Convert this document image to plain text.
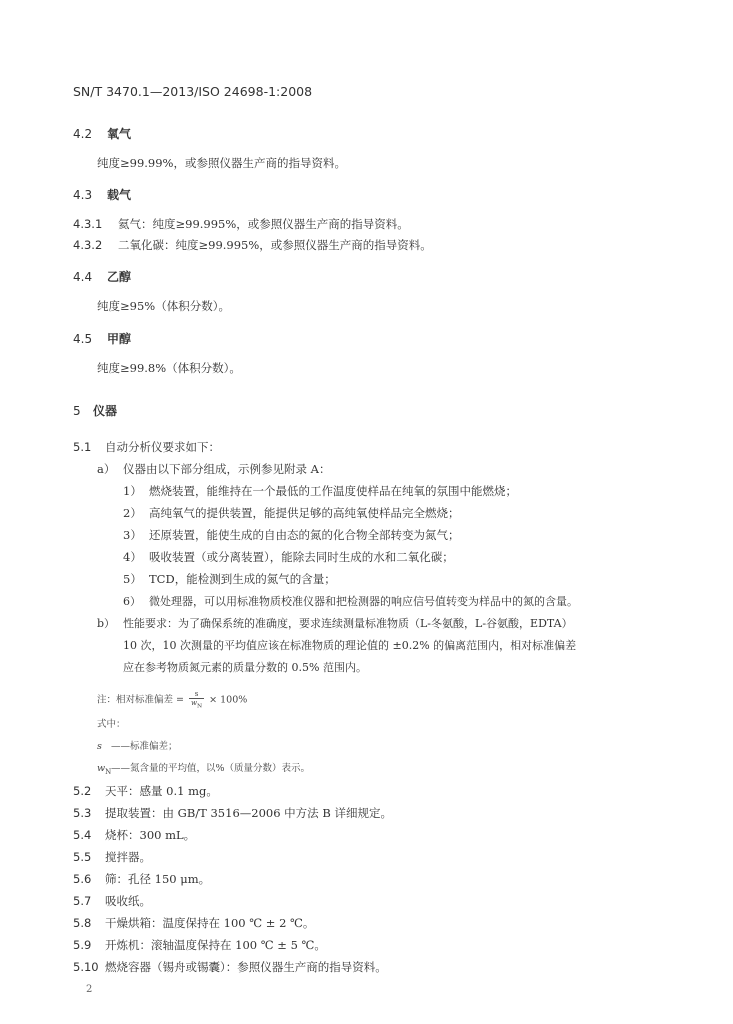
SN/T 3470.1—2013/ISO 24698-1:2008
4.2 氧气
纯度≥99.99%，或参照仪器生产商的指导资料。
4.3 载气
4.3.1 氦气：纯度≥99.995%，或参照仪器生产商的指导资料。
4.3.2 二氧化碳：纯度≥99.995%，或参照仪器生产商的指导资料。
4.4 乙醇
纯度≥95%（体积分数）。
4.5 甲醇
纯度≥99.8%（体积分数）。
5 仪器
5.1 自动分析仪要求如下：
a） 仪器由以下部分组成，示例参见附录 A：
1） 燃烧装置，能维持在一个最低的工作温度使样品在纯氧的氛围中能燃烧；
2） 高纯氧气的提供装置，能提供足够的高纯氧使样品完全燃烧；
3） 还原装置，能使生成的自由态的氮的化合物全部转变为氮气；
4） 吸收装置（或分离装置），能除去同时生成的水和二氧化碳；
5） TCD，能检测到生成的氮气的含量；
6） 微处理器，可以用标准物质校准仪器和把检测器的响应信号值转变为样品中的氮的含量。
b） 性能要求：为了确保系统的准确度，要求连续测量标准物质（L-冬氨酸，L-谷氨酸，EDTA）
10 次，10 次测量的平均值应该在标准物质的理论值的 ±0.2% 的偏离范围内，相对标准偏差
应在参考物质氮元素的质量分数的 0.5% 范围内。
注：相对标准偏差 = $\frac{s}{w_N} \times 100\%$
式中：
s ——标准偏差；
$w_N——$氮含量的平均值，以%（质量分数）表示。
5.2 天平：感量 0.1 mg。
5.3 提取装置：由 GB/T 3516—2006 中方法 B 详细规定。
5.4 烧杯：300 mL。
5.5 搅拌器。
5.6 筛：孔径 150 μm。
5.7 吸收纸。
5.8 干燥烘箱：温度保持在 100 ℃ ± 2 ℃。
5.9 开炼机：滚轴温度保持在 100 ℃ ± 5 ℃。
5.10 燃烧容器（锡舟或锡囊）：参照仪器生产商的指导资料。
2
